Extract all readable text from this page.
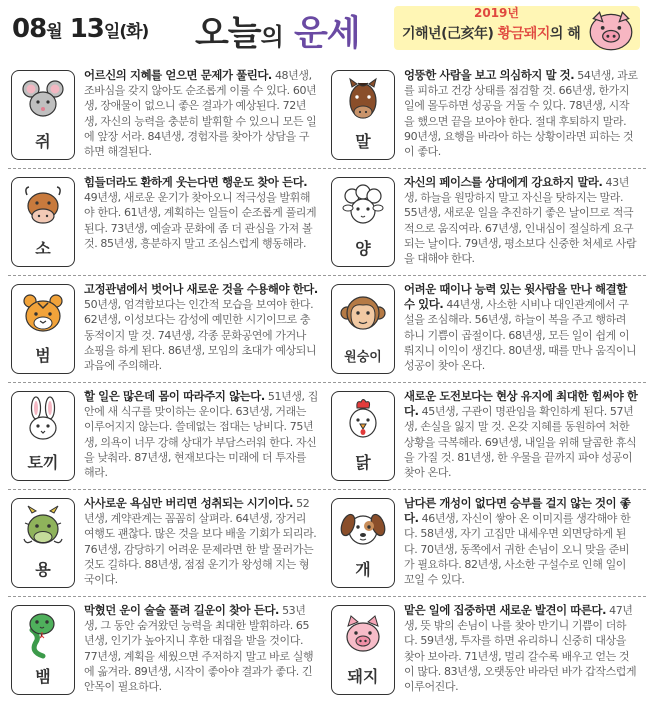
08월 13일(화) 오늘의 운세
2019년
기해년(己亥年) 황금돼지의 해
쥐
어르신의 지혜를 얻으면 문제가 풀린다. 48년생, 조바심을 갖지 않아도 순조롭게 이룰 수 있다. 60년생, 장애물이 없으니 좋은 결과가 예상된다. 72년생, 자신의 능력을 충분히 발휘할 수 있으니 모든 일에 앞장 서라. 84년생, 경험자를 찾아가 상담을 구하면 해결된다.
소
힘들더라도 환하게 웃는다면 행운도 찾아 든다. 49년생, 새로운 운기가 찾아오니 적극성을 발휘해야 한다. 61년생, 계획하는 일들이 순조롭게 풀리게 된다. 73년생, 예술과 문화에 좀 더 관심을 가져 볼 것. 85년생, 흥분하지 말고 조심스럽게 행동해라.
범
고정관념에서 벗어나 새로운 것을 수용해야 한다. 50년생, 엄격함보다는 인간적 모습을 보여야 한다. 62년생, 이성보다는 감성에 예민한 시기이므로 충동적이지 말 것. 74년생, 각종 문화공연에 가거나 쇼핑을 하게 된다. 86년생, 모임의 초대가 예상되니 과음에 주의해라.
토끼
할 일은 많은데 몸이 따라주지 않는다. 51년생, 집안에 새 식구를 맞이하는 운이다. 63년생, 거래는 이루어지지 않는다. 쓸데없는 접대는 낭비다. 75년생, 의욕이 너무 강해 상대가 부담스러워 한다. 자신을 낮춰라. 87년생, 현재보다는 미래에 더 투자를 해라.
용
사사로운 욕심만 버리면 성취되는 시기이다. 52년생, 계약관계는 꼼꼼히 살펴라. 64년생, 장거리 여행도 괜찮다. 많은 것을 보다 배울 기회가 되리라. 76년생, 감당하기 어려운 문제라면 한 발 물러가는 것도 길하다. 88년생, 점점 운기가 왕성해 지는 형국이다.
뱀
막혔던 운이 술술 풀려 길운이 찾아 든다. 53년생, 그 동안 숨겨왔던 능력을 최대한 발휘하라. 65년생, 인기가 높아지니 후한 대접을 받을 것이다. 77년생, 계획을 세웠으면 주저하지 말고 바로 실행에 옮겨라. 89년생, 시작이 좋아야 결과가 좋다. 긴 안목이 필요하다.
말
엉뚱한 사람을 보고 의심하지 말 것. 54년생, 과로를 피하고 건강 상태를 점검할 것. 66년생, 한가지 일에 몰두하면 성공을 거둘 수 있다. 78년생, 시작을 했으면 끝을 보아야 한다. 절대 후퇴하지 말라. 90년생, 요행을 바라아 하는 상황이라면 피하는 것이 좋다.
양
자신의 페이스를 상대에게 강요하지 말라. 43년생, 하늘을 원망하지 말고 자신을 탓하지는 말라. 55년생, 새로운 일을 추진하기 좋은 날이므로 적극적으로 움직여라. 67년생, 인내심이 절실하게 요구되는 날이다. 79년생, 평소보다 신중한 처세로 사람을 대해야 한다.
원숭이
어려운 때이나 능력 있는 윗사람을 만나 해결할 수 있다. 44년생, 사소한 시비나 대인관계에서 구설을 조심해라. 56년생, 하늘이 복을 주고 행하려 하니 기쁨이 곱절이다. 68년생, 모든 일이 쉽게 이뤄지니 이익이 생긴다. 80년생, 때를 만나 움직이니 성공이 찾아 온다.
닭
새로운 도전보다는 현상 유지에 최대한 힘써야 한다. 45년생, 구관이 명관임을 확인하게 된다. 57년생, 손실을 잃지 말 것. 온갖 지혜를 동원하여 처한 상황을 극복해라. 69년생, 내일을 위해 달콤한 휴식을 가질 것. 81년생, 한 우물을 끝까지 파야 성공이 찾아 온다.
개
남다른 개성이 없다면 승부를 걸지 않는 것이 좋다. 46년생, 자신이 쌓아 온 이미지를 생각해야 한다. 58년생, 자기 고집만 내세우면 외면당하게 된다. 70년생, 동쪽에서 귀한 손님이 오니 맞을 준비가 필요하다. 82년생, 사소한 구설수로 인해 일이 꼬일 수 있다.
돼지
맡은 일에 집중하면 새로운 발견이 따른다. 47년생, 뜻 밖의 손님이 나를 찾아 반기니 기쁨이 더하다. 59년생, 투자를 하면 유리하니 신중히 대상을 찾아 보아라. 71년생, 멀리 갈수록 배우고 얻는 것이 많다. 83년생, 오랫동안 바라던 바가 갑작스럽게 이루어진다.
